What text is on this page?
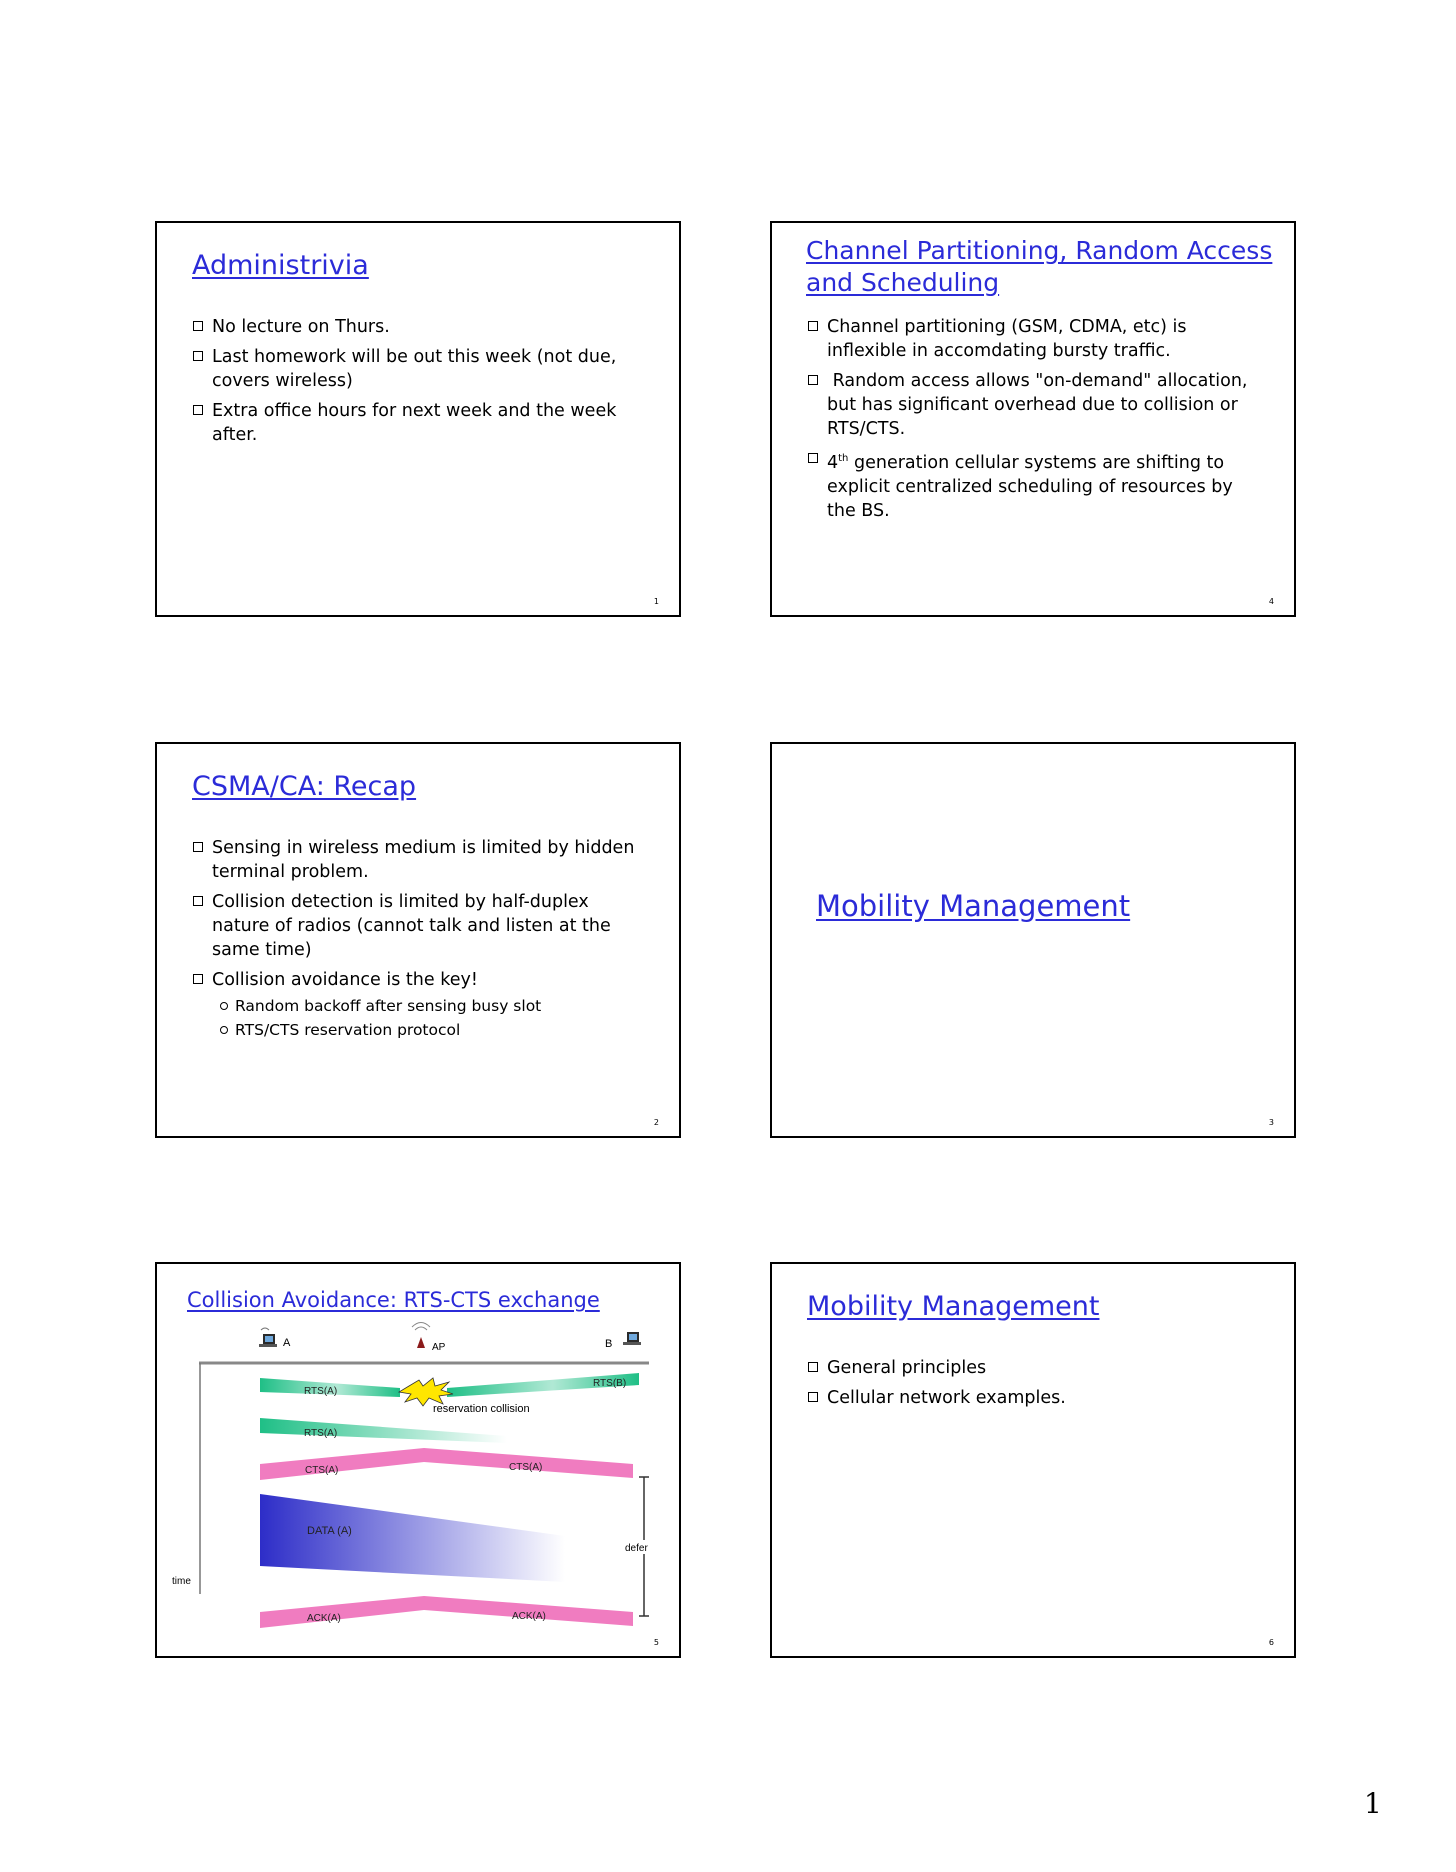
Administrivia
No lecture on Thurs.
Last homework will be out this week (not due, covers wireless)
Extra office hours for next week and the week after.
1
Channel Partitioning, Random Access and Scheduling
Channel partitioning (GSM, CDMA, etc) is inflexible in accomdating bursty traffic.
Random access allows "on-demand" allocation, but has significant overhead due to collision or RTS/CTS.
4th generation cellular systems are shifting to explicit centralized scheduling of resources by the BS.
4
CSMA/CA: Recap
Sensing in wireless medium is limited by hidden terminal problem.
Collision detection is limited by half-duplex nature of radios (cannot talk and listen at the same time)
Collision avoidance is the key!
Random backoff after sensing busy slot
RTS/CTS reservation protocol
2
Mobility Management
3
Collision Avoidance: RTS-CTS exchange
A	AP	B
time
RTS(A)
RTS(B)
reservation collision
RTS(A)
CTS(A)	CTS(A)
DATA (A)
defer
ACK(A)	ACK(A)
5
Mobility Management
General principles
Cellular network examples.
6
1
